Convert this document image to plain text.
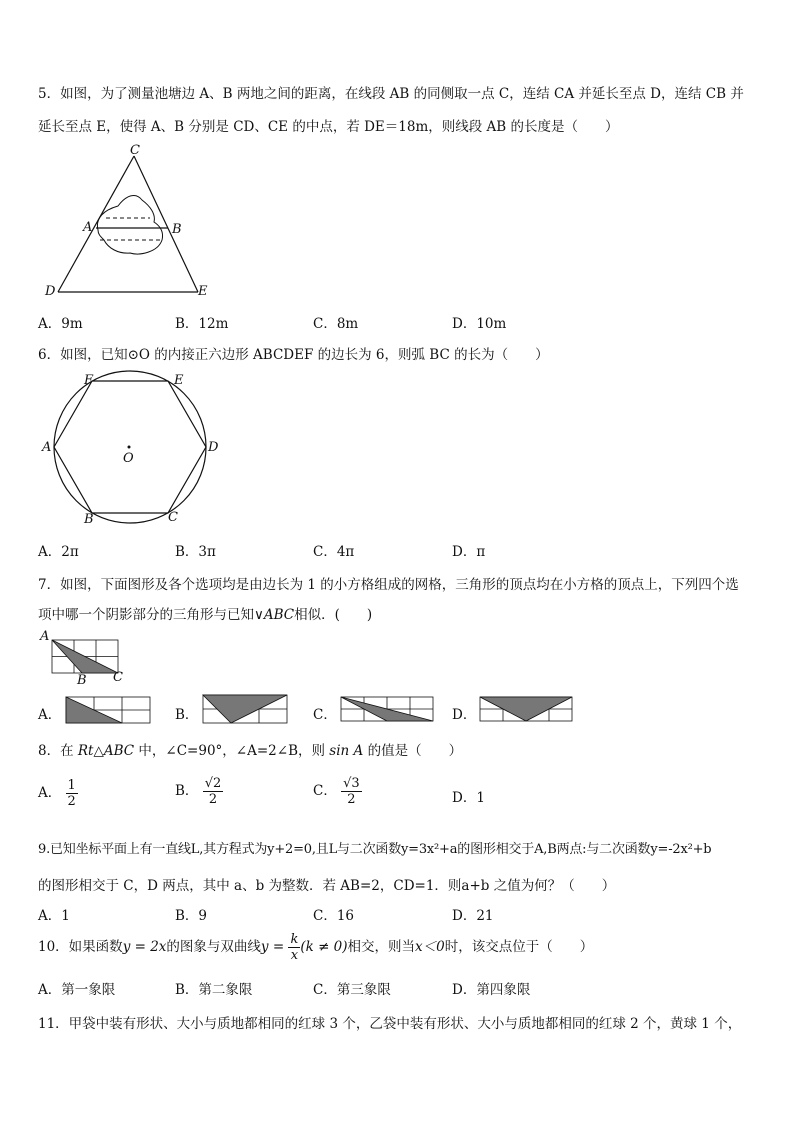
5．如图，为了测量池塘边 A、B 两地之间的距离，在线段 AB 的同侧取一点 C，连结 CA 并延长至点 D，连结 CB 并
延长至点 E，使得 A、B 分别是 CD、CE 的中点，若 DE＝18m，则线段 AB 的长度是（　　）
C
A	B
D	E
A．9m	B．12m	C．8m	D．10m
6．如图，已知⊙O 的内接正六边形 ABCDEF 的边长为 6，则弧 BC 的长为（　　）
F	E
A	D
O
B	C
A．2π	B．3π	C．4π	D．π
7．如图，下面图形及各个选项均是由边长为 1 的小方格组成的网格，三角形的顶点均在小方格的顶点上，下列四个选
项中哪一个阴影部分的三角形与已知∨ABC相似．(　　)
A
B C
A．	B．	C．	D．
8．在 Rt△ABC 中，∠C=90°，∠A=2∠B，则 sin A 的值是（　　）
A． $\frac{1}{2}$	B． $\frac{√2}{2}$	C． $\frac{√3}{2}$	D．1
9.已知坐标平面上有一直线L,其方程式为y+2=0,且L与二次函数y=3x²+a的图形相交于A,B两点:与二次函数y=-2x²+b
的图形相交于 C，D 两点，其中 a、b 为整数．若 AB=2，CD=1．则a+b 之值为何？（　　）
A．1	B．9	C．16	D．21
10．如果函数y = 2x的图象与双曲线$y = \frac{k}{x} (k \ne 0)$相交，则当x＜0时，该交点位于（　　）
A．第一象限	B．第二象限	C．第三象限	D．第四象限
11．甲袋中装有形状、大小与质地都相同的红球 3 个，乙袋中装有形状、大小与质地都相同的红球 2 个，黄球 1 个，
